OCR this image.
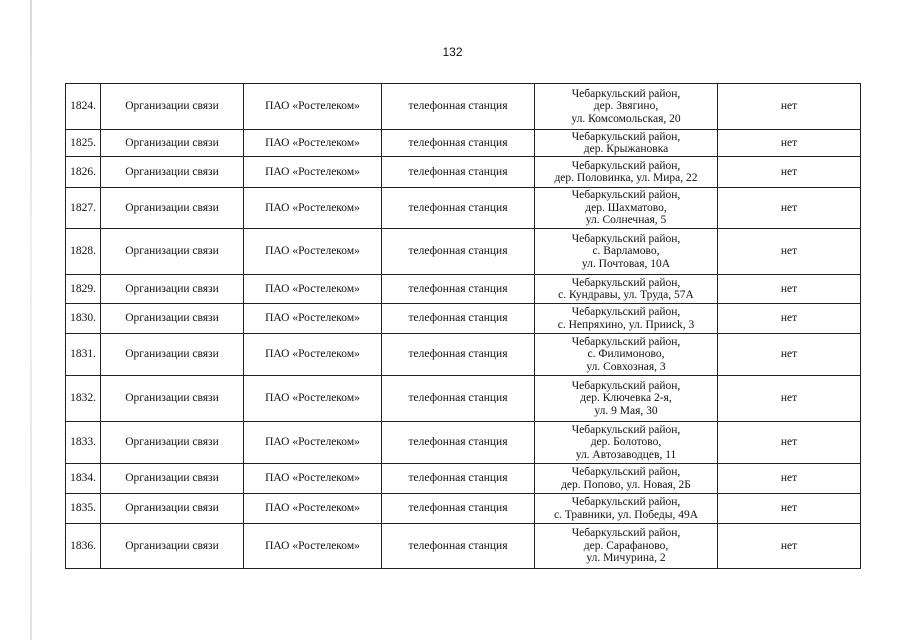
132
1824.	Организации связи	ПАО «Ростелеком»	телефонная станция	Чебаркульский район,
дер. Звягино,
ул. Комсомольская, 20	нет
1825.	Организации связи	ПАО «Ростелеком»	телефонная станция	Чебаркульский район,
дер. Крыжановка	нет
1826.	Организации связи	ПАО «Ростелеком»	телефонная станция	Чебаркульский район,
дер. Половинка, ул. Мира, 22	нет
1827.	Организации связи	ПАО «Ростелеком»	телефонная станция	Чебаркульский район,
дер. Шахматово,
ул. Солнечная, 5	нет
1828.	Организации связи	ПАО «Ростелеком»	телефонная станция	Чебаркульский район,
с. Варламово,
ул. Почтовая, 10А	нет
1829.	Организации связи	ПАО «Ростелеком»	телефонная станция	Чебаркульский район,
с. Кундравы, ул. Труда, 57А	нет
1830.	Организации связи	ПАО «Ростелеком»	телефонная станция	Чебаркульский район,
с. Непряхино, ул. Приисk, 3	нет
1831.	Организации связи	ПАО «Ростелеком»	телефонная станция	Чебаркульский район,
с. Филимоново,
ул. Совхозная, 3	нет
1832.	Организации связи	ПАО «Ростелеком»	телефонная станция	Чебаркульский район,
дер. Ключевка 2-я,
ул. 9 Мая, 30	нет
1833.	Организации связи	ПАО «Ростелеком»	телефонная станция	Чебаркульский район,
дер. Болотово,
ул. Автозаводцев, 11	нет
1834.	Организации связи	ПАО «Ростелеком»	телефонная станция	Чебаркульский район,
дер. Попово, ул. Новая, 2Б	нет
1835.	Организации связи	ПАО «Ростелеком»	телефонная станция	Чебаркульский район,
с. Травники, ул. Победы, 49А	нет
1836.	Организации связи	ПАО «Ростелеком»	телефонная станция	Чебаркульский район,
дер. Сарафаново,
ул. Мичурина, 2	нет
